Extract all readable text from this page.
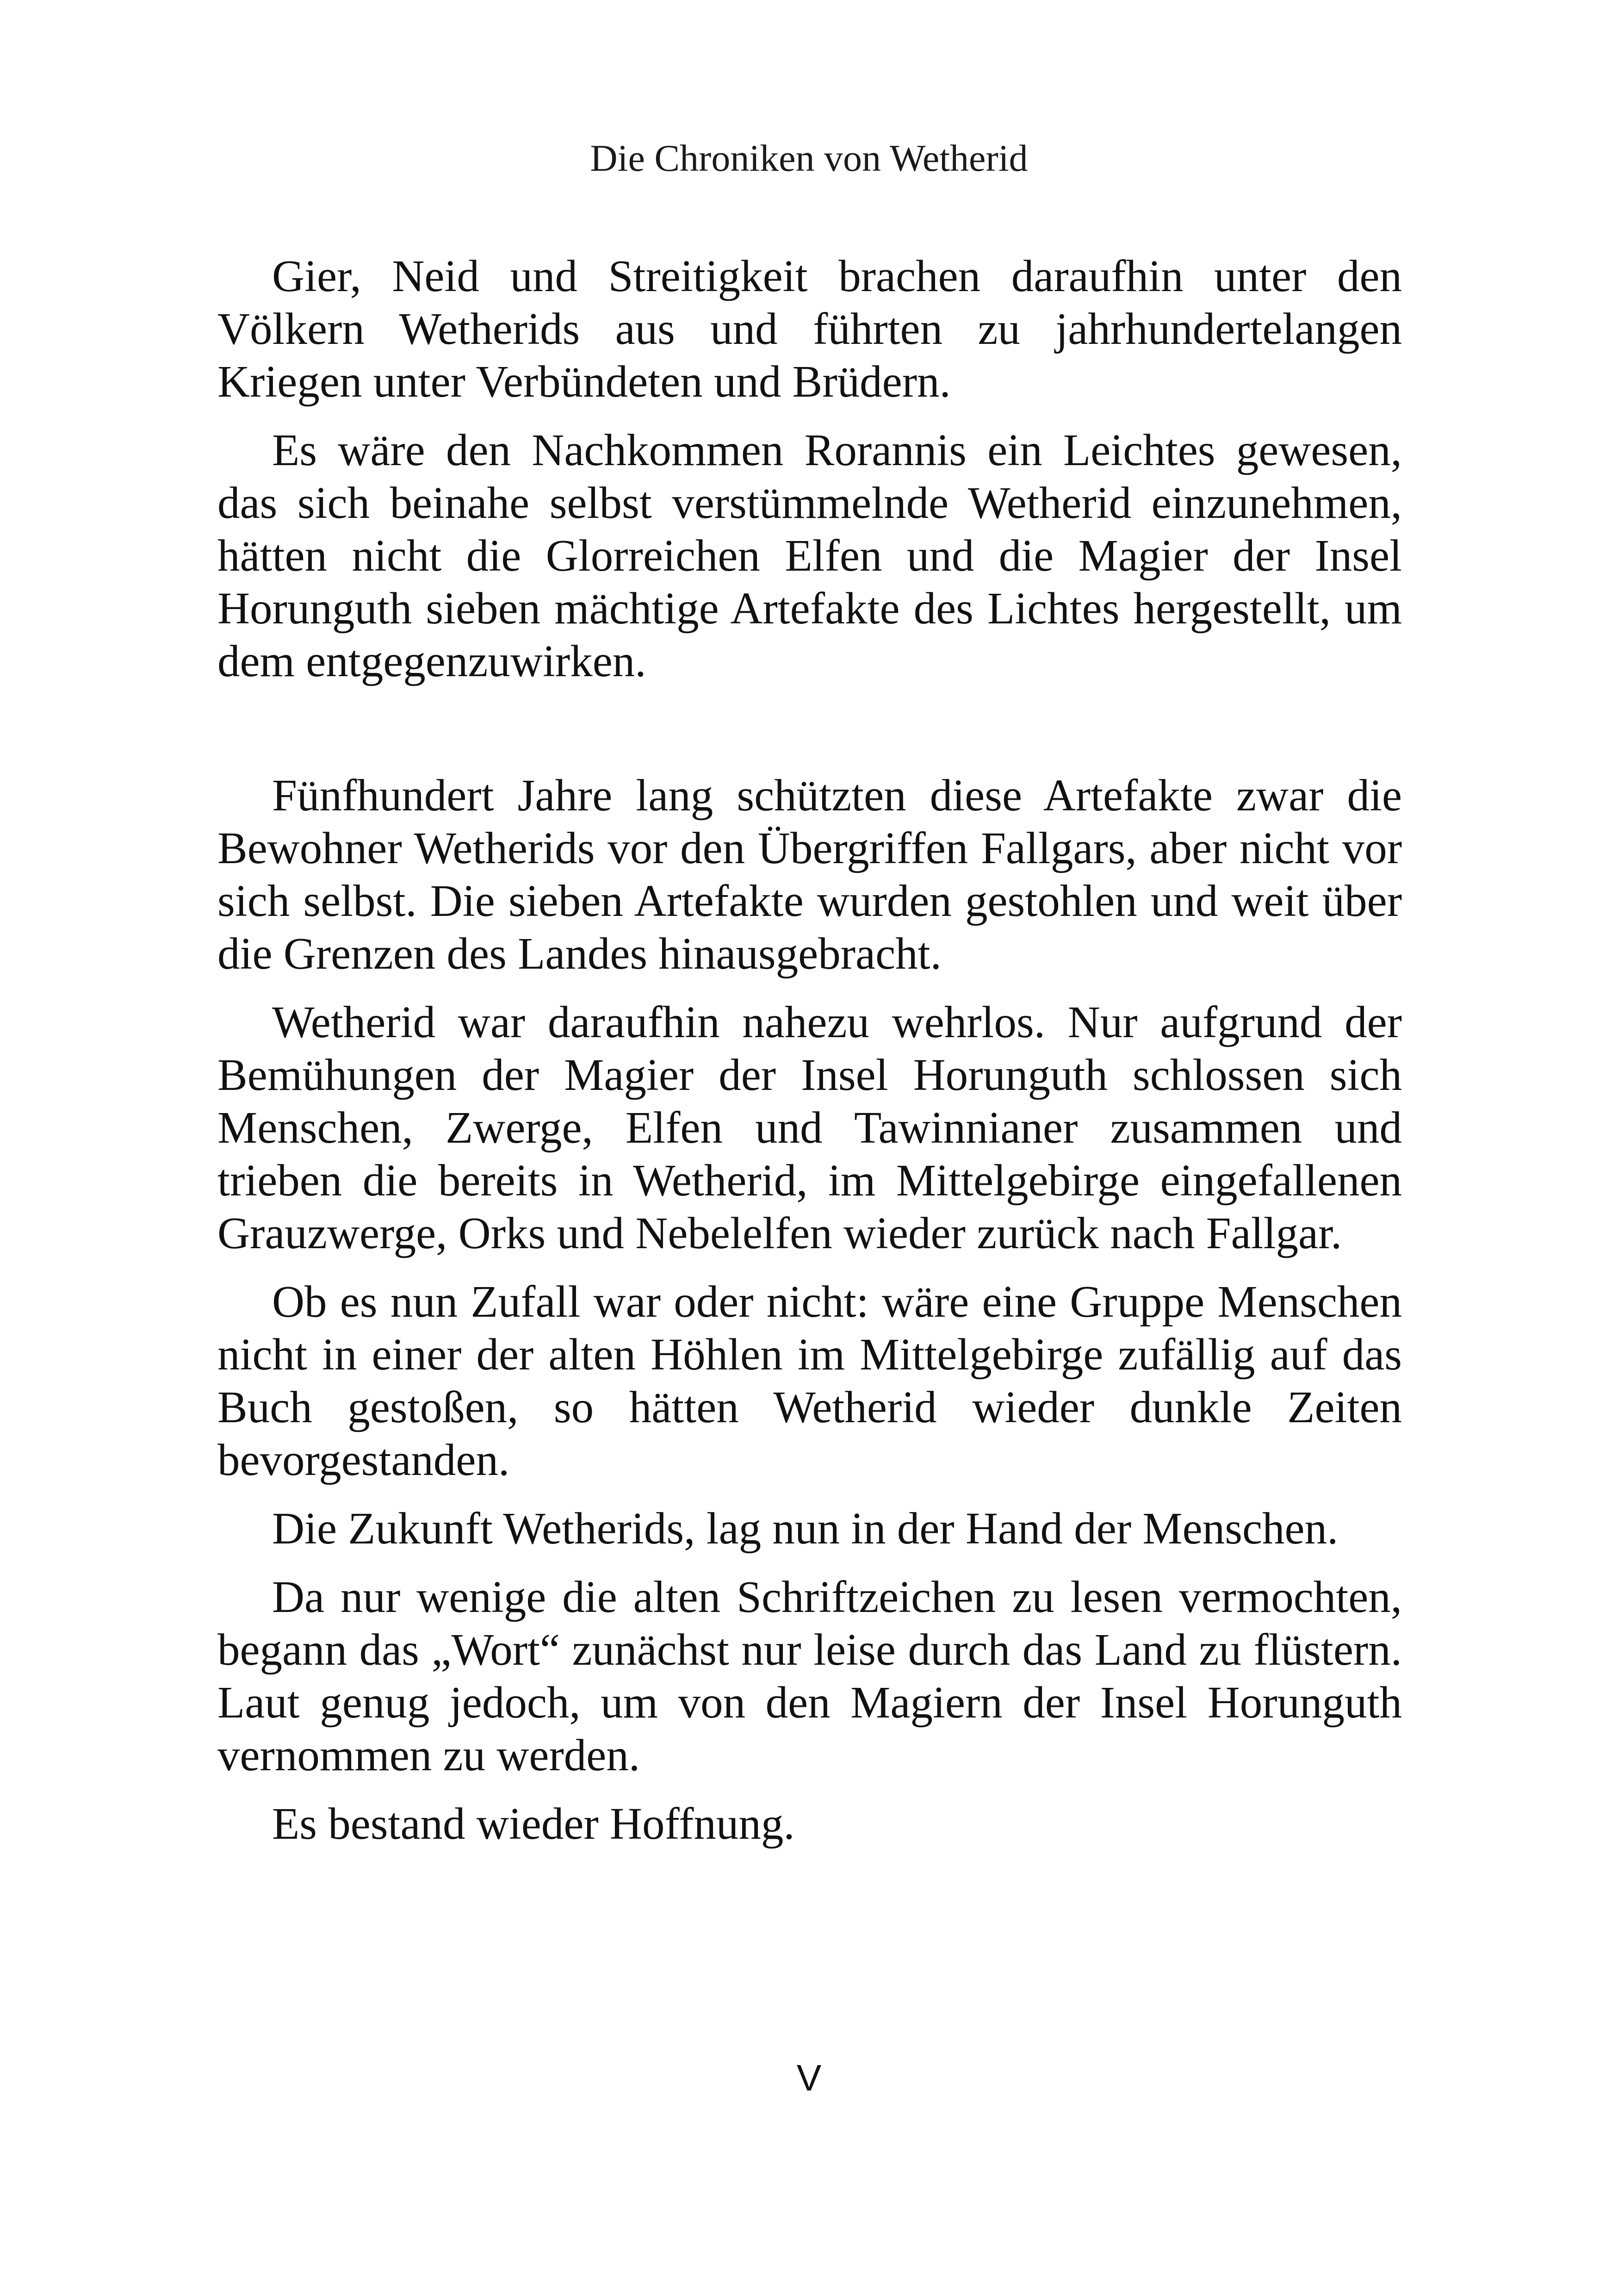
Die Chroniken von Wetherid

Gier, Neid und Streitigkeit brachen daraufhin unter den Völkern Wetherids aus und führten zu jahrhundertelangen Kriegen unter Verbündeten und Brüdern.

Es wäre den Nachkommen Rorannis ein Leichtes gewesen, das sich beinahe selbst verstümmelnde Wetherid einzunehmen, hätten nicht die Glorreichen Elfen und die Magier der Insel Horunguth sieben mächtige Artefakte des Lichtes hergestellt, um dem entgegenzuwirken.

Fünfhundert Jahre lang schützten diese Artefakte zwar die Bewohner Wetherids vor den Übergriffen Fallgars, aber nicht vor sich selbst. Die sieben Artefakte wurden gestohlen und weit über die Grenzen des Landes hinausgebracht.

Wetherid war daraufhin nahezu wehrlos. Nur aufgrund der Bemühungen der Magier der Insel Horunguth schlossen sich Menschen, Zwerge, Elfen und Tawinnianer zusammen und trieben die bereits in Wetherid, im Mittelgebirge eingefallenen Grauzwerge, Orks und Nebelelfen wieder zurück nach Fallgar.

Ob es nun Zufall war oder nicht: wäre eine Gruppe Menschen nicht in einer der alten Höhlen im Mittelgebirge zufällig auf das Buch gestoßen, so hätten Wetherid wieder dunkle Zeiten bevorgestanden.

Die Zukunft Wetherids, lag nun in der Hand der Menschen.

Da nur wenige die alten Schriftzeichen zu lesen vermochten, begann das „Wort“ zunächst nur leise durch das Land zu flüstern. Laut genug jedoch, um von den Magiern der Insel Horunguth vernommen zu werden.

Es bestand wieder Hoffnung.

V
